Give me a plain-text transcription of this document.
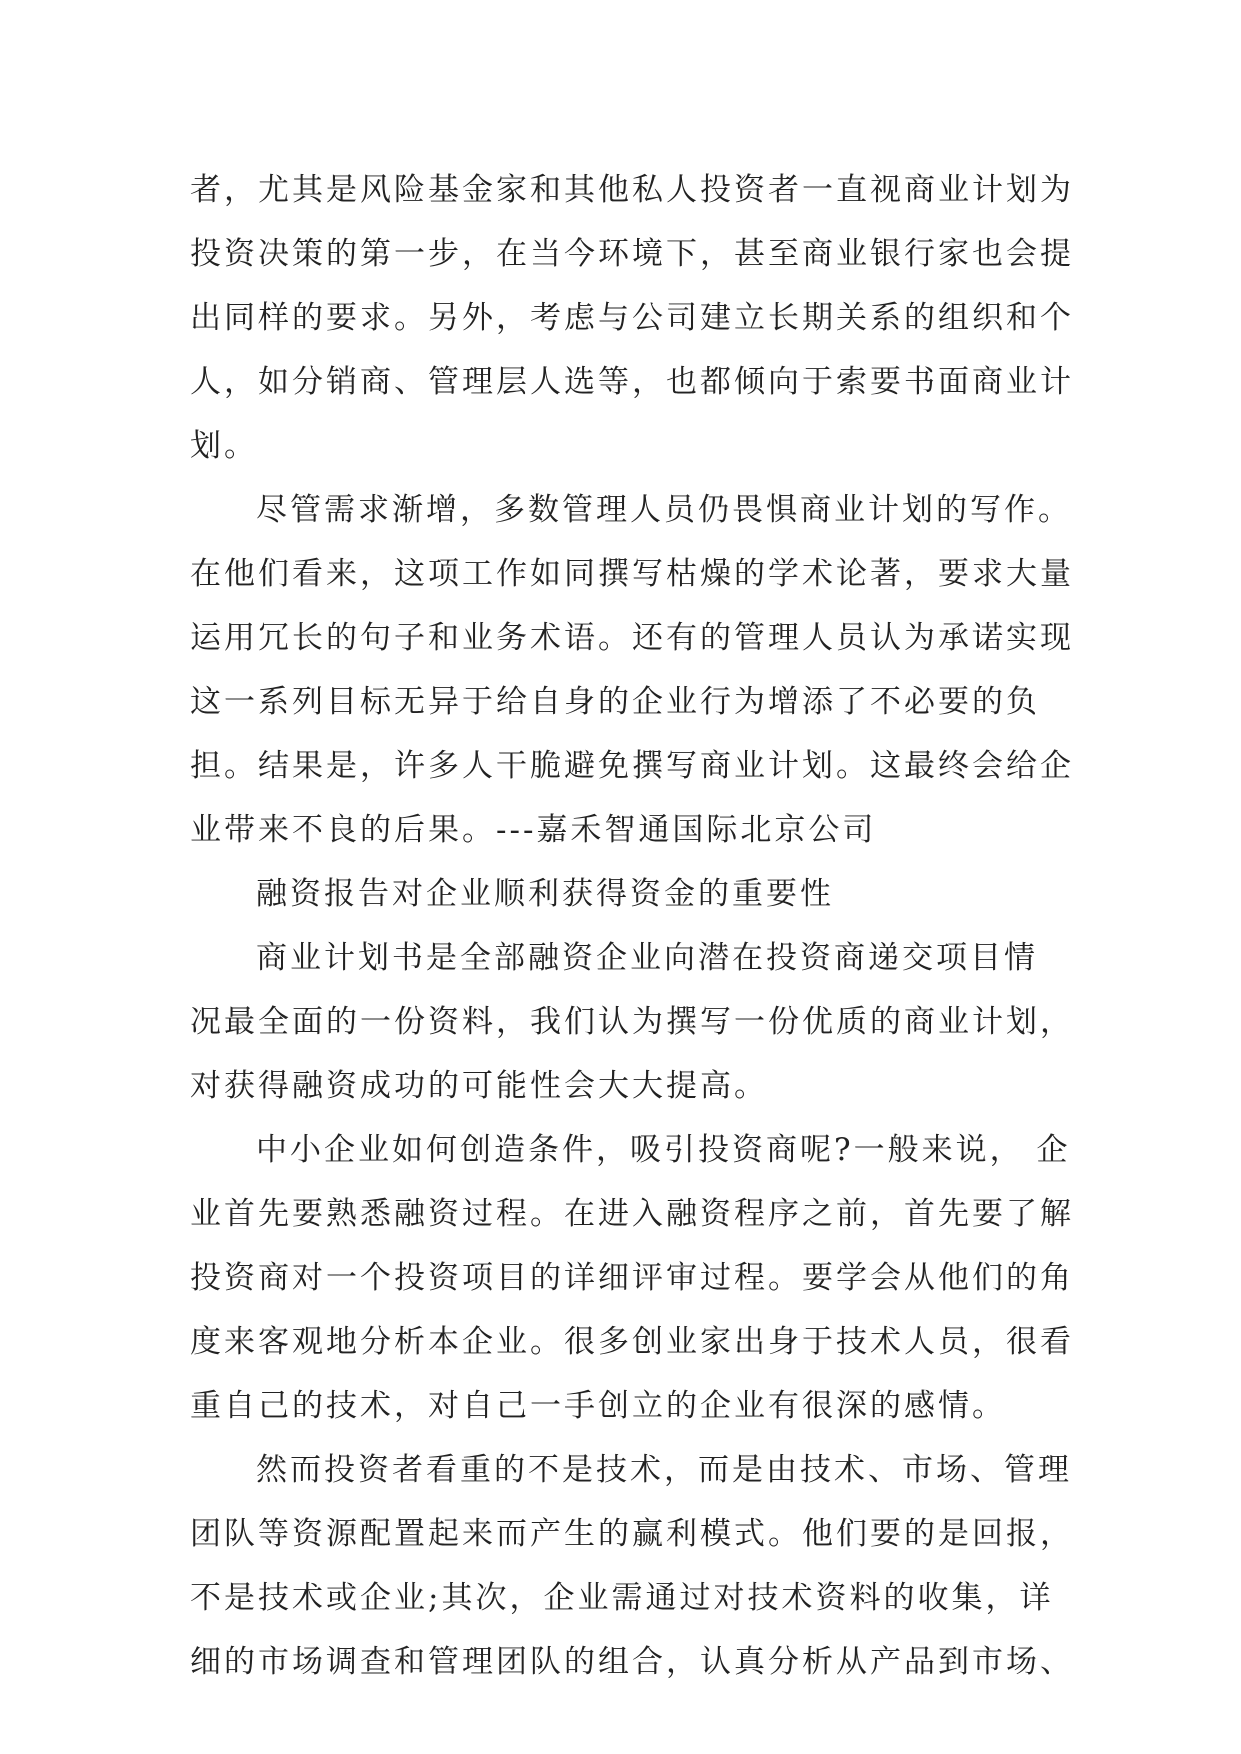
者，尤其是风险基金家和其他私人投资者一直视商业计划为
投资决策的第一步，在当今环境下，甚至商业银行家也会提
出同样的要求。另外，考虑与公司建立长期关系的组织和个
人，如分销商、管理层人选等，也都倾向于索要书面商业计
划。
尽管需求渐增，多数管理人员仍畏惧商业计划的写作。
在他们看来，这项工作如同撰写枯燥的学术论著，要求大量
运用冗长的句子和业务术语。还有的管理人员认为承诺实现
这一系列目标无异于给自身的企业行为增添了不必要的负
担。结果是，许多人干脆避免撰写商业计划。这最终会给企
业带来不良的后果。---嘉禾智通国际北京公司
融资报告对企业顺利获得资金的重要性
商业计划书是全部融资企业向潜在投资商递交项目情
况最全面的一份资料，我们认为撰写一份优质的商业计划，
对获得融资成功的可能性会大大提高。
中小企业如何创造条件，吸引投资商呢?一般来说， 企
业首先要熟悉融资过程。在进入融资程序之前，首先要了解
投资商对一个投资项目的详细评审过程。要学会从他们的角
度来客观地分析本企业。很多创业家出身于技术人员，很看
重自己的技术，对自己一手创立的企业有很深的感情。
然而投资者看重的不是技术，而是由技术、市场、管理
团队等资源配置起来而产生的赢利模式。他们要的是回报，
不是技术或企业;其次，企业需通过对技术资料的收集，详
细的市场调查和管理团队的组合，认真分析从产品到市场、
